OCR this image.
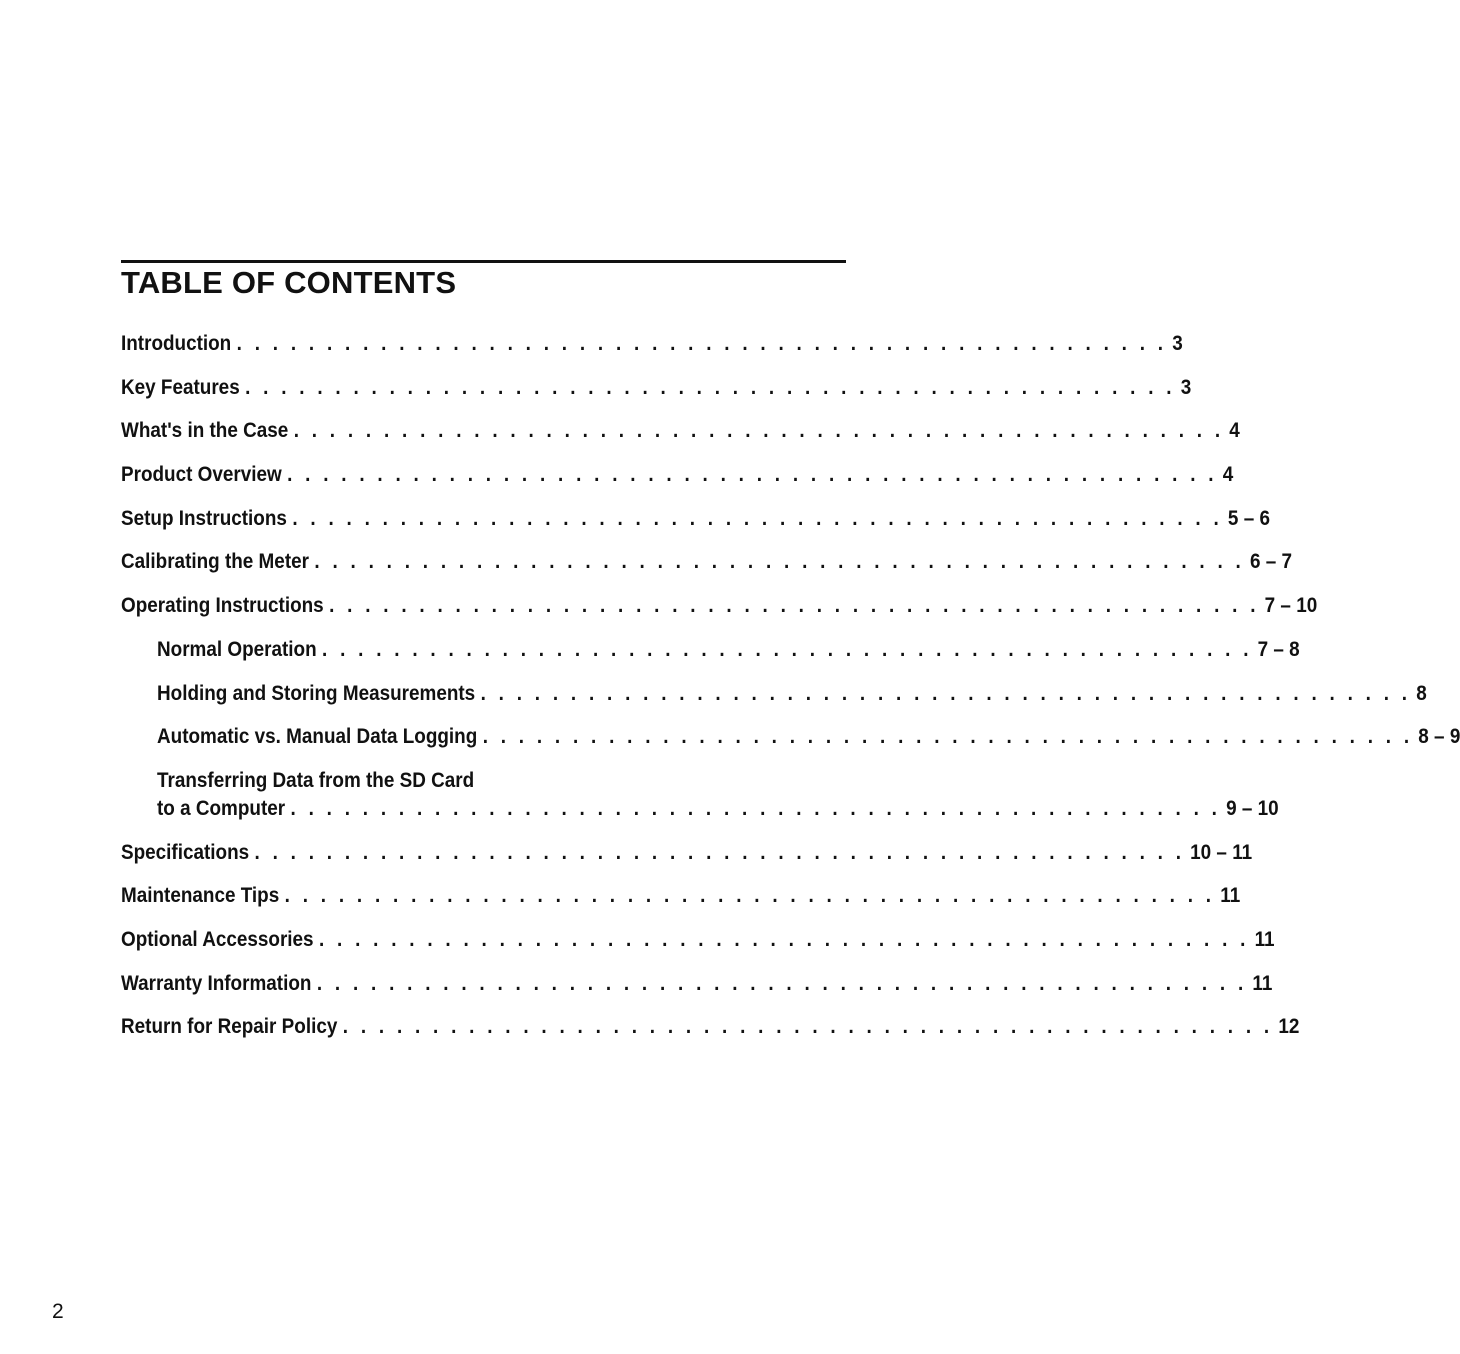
TABLE OF CONTENTS
Introduction . . . . . . . . . . . . . . . . . . . . . . . . . . . . . . . . . . . . . . . . . . . . . . . . . . . . 3
Key Features . . . . . . . . . . . . . . . . . . . . . . . . . . . . . . . . . . . . . . . . . . . . . . . . . . . . 3
What's in the Case . . . . . . . . . . . . . . . . . . . . . . . . . . . . . . . . . . . . . . . . . . . . . . . . . . . . 4
Product Overview . . . . . . . . . . . . . . . . . . . . . . . . . . . . . . . . . . . . . . . . . . . . . . . . . . . . 4
Setup Instructions . . . . . . . . . . . . . . . . . . . . . . . . . . . . . . . . . . . . . . . . . . . . . . . . . . . . 5 – 6
Calibrating the Meter . . . . . . . . . . . . . . . . . . . . . . . . . . . . . . . . . . . . . . . . . . . . . . . . . . . . 6 – 7
Operating Instructions . . . . . . . . . . . . . . . . . . . . . . . . . . . . . . . . . . . . . . . . . . . . . . . . . . . . 7 – 10
Normal Operation . . . . . . . . . . . . . . . . . . . . . . . . . . . . . . . . . . . . . . . . . . . . . . . . . . . . 7 – 8
Holding and Storing Measurements . . . . . . . . . . . . . . . . . . . . . . . . . . . . . . . . . . . . . . . . . . . . . . . . . . . . 8
Automatic vs. Manual Data Logging . . . . . . . . . . . . . . . . . . . . . . . . . . . . . . . . . . . . . . . . . . . . . . . . . . . . 8 – 9
Transferring Data from the SD Card
to a Computer . . . . . . . . . . . . . . . . . . . . . . . . . . . . . . . . . . . . . . . . . . . . . . . . . . . . 9 – 10
Specifications . . . . . . . . . . . . . . . . . . . . . . . . . . . . . . . . . . . . . . . . . . . . . . . . . . . . 10 – 11
Maintenance Tips . . . . . . . . . . . . . . . . . . . . . . . . . . . . . . . . . . . . . . . . . . . . . . . . . . . . 11
Optional Accessories . . . . . . . . . . . . . . . . . . . . . . . . . . . . . . . . . . . . . . . . . . . . . . . . . . . . 11
Warranty Information . . . . . . . . . . . . . . . . . . . . . . . . . . . . . . . . . . . . . . . . . . . . . . . . . . . . 11
Return for Repair Policy . . . . . . . . . . . . . . . . . . . . . . . . . . . . . . . . . . . . . . . . . . . . . . . . . . . . 12
2
